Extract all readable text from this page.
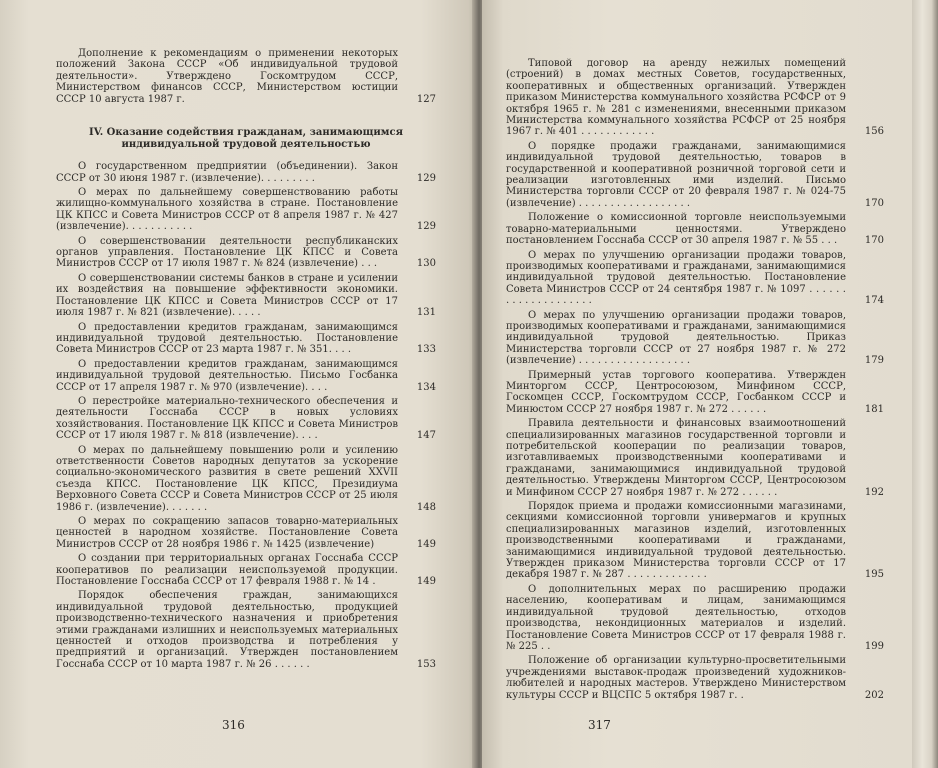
Дополнение к рекомендациям о применении некоторых положений Закона СССР «Об индивидуальной трудовой деятельности». Утверждено Госкомтрудом СССР, Министерством финансов СССР, Министерством юстиции СССР 10 августа 1987 г.	127
IV. Оказание содействия гражданам, занимающимся индивидуальной трудовой деятельностью
О государственном предприятии (объединении). Закон СССР от 30 июня 1987 г. (извлечение). . . . . . . . .	129
О мерах по дальнейшему совершенствованию работы жилищно-коммунального хозяйства в стране. Постановление ЦК КПСС и Совета Министров СССР от 8 апреля 1987 г. № 427 (извлечение). . . . . . . . . . .	129
О совершенствовании деятельности республиканских органов управления. Постановление ЦК КПСС и Совета Министров СССР от 17 июля 1987 г. № 824 (извлечение) . . .	130
О совершенствовании системы банков в стране и усилении их воздействия на повышение эффективности экономики. Постановление ЦК КПСС и Совета Министров СССР от 17 июля 1987 г. № 821 (извлечение). . . . .	131
О предоставлении кредитов гражданам, занимающимся индивидуальной трудовой деятельностью. Постановление Совета Министров СССР от 23 марта 1987 г. № 351. . . .	133
О предоставлении кредитов гражданам, занимающимся индивидуальной трудовой деятельностью. Письмо Госбанка СССР от 17 апреля 1987 г. № 970 (извлечение). . . .	134
О перестройке материально-технического обеспечения и деятельности Госснаба СССР в новых условиях хозяйствования. Постановление ЦК КПСС и Совета Министров СССР от 17 июля 1987 г. № 818 (извлечение). . . .	147
О мерах по дальнейшему повышению роли и усилению ответственности Советов народных депутатов за ускорение социально-экономического развития в свете решений XXVII съезда КПСС. Постановление ЦК КПСС, Президиума Верховного Совета СССР и Совета Министров СССР от 25 июля 1986 г. (извлечение). . . . . . .	148
О мерах по сокращению запасов товарно-материальных ценностей в народном хозяйстве. Постановление Совета Министров СССР от 28 ноября 1986 г. № 1425 (извлечение)	149
О создании при территориальных органах Госснаба СССР кооперативов по реализации неиспользуемой продукции. Постановление Госснаба СССР от 17 февраля 1988 г. № 14 .	149
Порядок обеспечения граждан, занимающихся индивидуальной трудовой деятельностью, продукцией производственно-технического назначения и приобретения этими гражданами излишних и неиспользуемых материальных ценностей и отходов производства и потребления у предприятий и организаций. Утвержден постановлением Госснаба СССР от 10 марта 1987 г. № 26 . . . . . .	153
316
Типовой договор на аренду нежилых помещений (строений) в домах местных Советов, государственных, кооперативных и общественных организаций. Утвержден приказом Министерства коммунального хозяйства РСФСР от 9 октября 1965 г. № 281 с изменениями, внесенными приказом Министерства коммунального хозяйства РСФСР от 25 ноября 1967 г. № 401 . . . . . . . . . . . .	156
О порядке продажи гражданами, занимающимися индивидуальной трудовой деятельностью, товаров в государственной и кооперативной розничной торговой сети и реализации изготовленных ими изделий. Письмо Министерства торговли СССР от 20 февраля 1987 г. № 024-75 (извлечение) . . . . . . . . . . . . . . . . . .	170
Положение о комиссионной торговле неиспользуемыми товарно-материальными ценностями. Утверждено постановлением Госснаба СССР от 30 апреля 1987 г. № 55 . . .	170
О мерах по улучшению организации продажи товаров, производимых кооперативами и гражданами, занимающимися индивидуальной трудовой деятельностью. Постановление Совета Министров СССР от 24 сентября 1987 г. № 1097 . . . . . . . . . . . . . . . . . . . .	174
О мерах по улучшению организации продажи товаров, производимых кооперативами и гражданами, занимающимися индивидуальной трудовой деятельностью. Приказ Министерства торговли СССР от 27 ноября 1987 г. № 272 (извлечение) . . . . . . . . . . . . . . . . . .	179
Примерный устав торгового кооператива. Утвержден Минторгом СССР, Центросоюзом, Минфином СССР, Госкомцен СССР, Госкомтрудом СССР, Госбанком СССР и Минюстом СССР 27 ноября 1987 г. № 272 . . . . . .	181
Правила деятельности и финансовых взаимоотношений специализированных магазинов государственной торговли и потребительской кооперации по реализации товаров, изготавливаемых производственными кооперативами и гражданами, занимающимися индивидуальной трудовой деятельностью. Утверждены Минторгом СССР, Центросоюзом и Минфином СССР 27 ноября 1987 г. № 272 . . . . . .	192
Порядок приема и продажи комиссионными магазинами, секциями комиссионной торговли универмагов и крупных специализированных магазинов изделий, изготовленных производственными кооперативами и гражданами, занимающимися индивидуальной трудовой деятельностью. Утвержден приказом Министерства торговли СССР от 17 декабря 1987 г. № 287 . . . . . . . . . . . . .	195
О дополнительных мерах по расширению продажи населению, кооперативам и лицам, занимающимся индивидуальной трудовой деятельностью, отходов производства, некондиционных материалов и изделий. Постановление Совета Министров СССР от 17 февраля 1988 г. № 225 . .	199
Положение об организации культурно-просветительными учреждениями выставок-продаж произведений художников-любителей и народных мастеров. Утверждено Министерством культуры СССР и ВЦСПС 5 октября 1987 г. .	202
317
